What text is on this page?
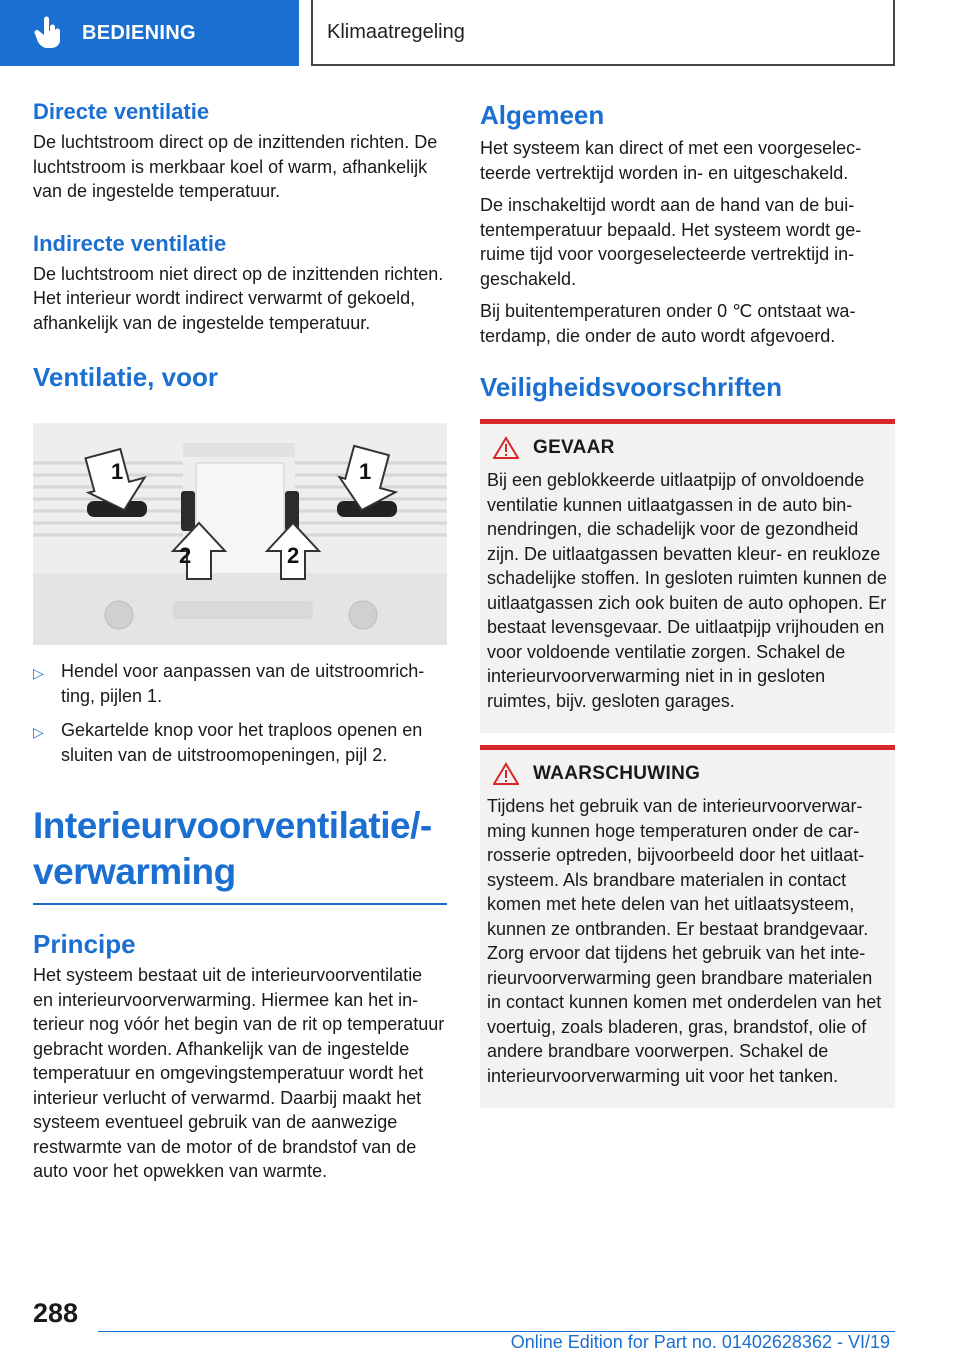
BEDIENING	Klimaatregeling
Directe ventilatie

De luchtstroom direct op de inzittenden richten. De luchtstroom is merkbaar koel of warm, afhankelijk van de ingestelde temperatuur.

Indirecte ventilatie

De luchtstroom niet direct op de inzittenden richten. Het interieur wordt indirect verwarmt of gekoeld, afhankelijk van de ingestelde temperatuur.

Ventilatie, voor
1	1
2	2
▷ Hendel voor aanpassen van de uitstroomrichting, pijlen 1.
▷ Gekartelde knop voor het traploos openen en sluiten van de uitstroomopeningen, pijl 2.
Interieurvoorventilatie/-verwarming
Principe

Het systeem bestaat uit de interieurvoorventilatie en interieurvoorverwarming. Hiermee kan het interieur nog vóór het begin van de rit op temperatuur gebracht worden. Afhankelijk van de ingestelde temperatuur en omgevingstemperatuur wordt het interieur verlucht of verwarmd. Daarbij maakt het systeem eventueel gebruik van de aanwezige restwarmte van de motor of de brandstof van de auto voor het opwekken van warmte.

Algemeen

Het systeem kan direct of met een voorgeselecteerde vertrektijd worden in- en uitgeschakeld.

De inschakeltijd wordt aan de hand van de buitentemperatuur bepaald. Het systeem wordt geruime tijd voor voorgeselecteerde vertrektijd ingeschakeld.

Bij buitentemperaturen onder 0 ℃ ontstaat waterdamp, die onder de auto wordt afgevoerd.

Veiligheidsvoorschriften
GEVAAR

Bij een geblokkeerde uitlaatpijp of onvoldoende ventilatie kunnen uitlaatgassen in de auto binnendringen, die schadelijk voor de gezondheid zijn. De uitlaatgassen bevatten kleur- en reukloze schadelijke stoffen. In gesloten ruimten kunnen de uitlaatgassen zich ook buiten de auto ophopen. Er bestaat levensgevaar. De uitlaatpijp vrijhouden en voor voldoende ventilatie zorgen. Schakel de interieurvoorverwarming niet in in gesloten ruimtes, bijv. gesloten garages.

WAARSCHUWING

Tijdens het gebruik van de interieurvoorverwarming kunnen hoge temperaturen onder de carrosserie optreden, bijvoorbeeld door het uitlaatsysteem. Als brandbare materialen in contact komen met hete delen van het uitlaatsysteem, kunnen ze ontbranden. Er bestaat brandgevaar. Zorg ervoor dat tijdens het gebruik van het interieurvoorverwarming geen brandbare materialen in contact kunnen komen met onderdelen van het voertuig, zoals bladeren, gras, brandstof, olie of andere brandbare voorwerpen. Schakel de interieurvoorverwarming uit voor het tanken.

288
Online Edition for Part no. 01402628362 - VI/19
